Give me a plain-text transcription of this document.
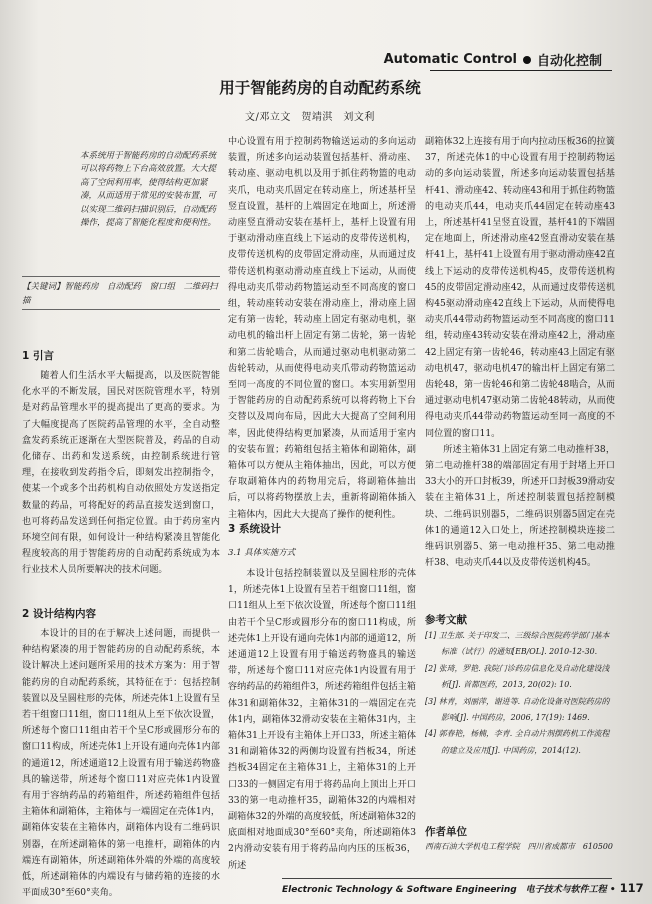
Automatic Control 自动化控制
用于智能药房的自动配药系统
文/邓立文　贺靖淇　刘文利
本系统用于智能药房的自动配药系统可以将药物上下台高效放置。大大提高了空间利用率，使得结构更加紧凑，从而适用于常见的安装布置，可以实现二维码扫描识别后，自动配药操作，提高了智能化程度和便利性。
【关键词】智能药房　自动配药　窗口组　二维码扫描
1 引言

随着人们生活水平大幅提高，以及医院智能化水平的不断发展，国民对医院管理水平，特别是对药品管理水平的提高提出了更高的要求。为了大幅度提高了医院药品管理的水平，全自动整盒发药系统正逐渐在大型医院普及，药品的自动化储存、出药和发送系统，由控制系统进行管理，在接收到发药指令后，即刻发出控制指令，使某一个或多个出药机构自动依照处方发送指定数量的药品，可将配好的药品直接发送到窗口，也可将药品发送到任何指定位置。由于药房室内环境空间有限，如何设计一种结构紧凑且智能化程度较高的用于智能药房的自动配药系统成为本行业技术人员所要解决的技术问题。

2 设计结构内容

本设计的目的在于解决上述问题，而提供一种结构紧凑的用于智能药房的自动配药系统，本设计解决上述问题所采用的技术方案为：用于智能药房的自动配药系统，其特征在于：包括控制装置以及呈圆柱形的壳体，所述壳体1上设置有呈若干组窗口11组，窗口11组从上至下依次设置，所述每个窗口11组由若干个呈C形或圆形分布的窗口11构成，所述壳体1上开设有通向壳体1内部的通道12，所述通道12上设置有用于输送药物盛具的输送带，所述每个窗口11对应壳体1内设置有用于容纳药品的药箱组件，所述药箱组件包括主箱体和副箱体，主箱体与一端固定在壳体1内，副箱体安装在主箱体内，副箱体内设有二维码识别器，在所述副箱体的第一电推杆，副箱体的内端连有副箱体，所述副箱体外端的外端的高度较低，所述副箱体的内端设有与储药箱的连接的水平面成30°至60°夹角。

中心设置有用于控制药物输送运动的多向运动装置，所述多向运动装置包括基杆、滑动座、转动座、驱动电机以及用于抓住药物篮的电动夹爪，电动夹爪固定在转动座上，所述基杆呈竖直设置，基杆的上端固定在地面上，所述滑动座竖直滑动安装在基杆上，基杆上设置有用于驱动滑动座直线上下运动的皮带传送机构，皮带传送机构的皮带固定滑动座，从而通过皮带传送机构驱动滑动座直线上下运动，从而使得电动夹爪带动药物篮运动至不同高度的窗口组，转动座转动安装在滑动座上，滑动座上固定有第一齿轮，转动座上固定有驱动电机，驱动电机的输出杆上固定有第二齿轮，第一齿轮和第二齿轮啮合，从而通过驱动电机驱动第二齿轮转动，从而使得电动夹爪带动药物篮运动至同一高度的不同位置的窗口。本实用新型用于智能药房的自动配药系统可以将药物上下台交替以及周向布局，因此大大提高了空间利用率，因此使得结构更加紧凑，从而适用于室内的安装布置；药箱组包括主箱体和副箱体，副箱体可以方便从主箱体抽出，因此，可以方便存取副箱体内的药物用完后，将副箱体抽出后，可以将药物摆放上去，重新将副箱体插入主箱体内，因此大大提高了操作的便利性。

3 系统设计
3.1 具体实施方式

本设计包括控制装置以及呈圆柱形的壳体1，所述壳体1上设置有呈若干组窗口11组，窗口11组从上至下依次设置，所述每个窗口11组由若干个呈C形或圆形分布的窗口11构成，所述壳体1上开设有通向壳体1内部的通道12，所述通道12上设置有用于输送药物盛具的输送带，所述每个窗口11对应壳体1内设置有用于容纳药品的药箱组件3，所述药箱组件包括主箱体31和副箱体32，主箱体31的一端固定在壳体1内，副箱体32滑动安装在主箱体31内，主箱体31上开设有主箱体上开口33，所述主箱体31和副箱体32的两侧均设置有挡板34，所述挡板34固定在主箱体31上，主箱体31的上开口33的一侧固定有用于将药品向上顶出上开口33的第一电动推杆35，副箱体32的内端相对副箱体32的外端的高度较低，所述副箱体32的底面相对地面成30°至60°夹角，所述副箱体32内滑动安装有用于将药品向内压的压板36，所述

副箱体32上连接有用于向内拉动压板36的拉簧37，所述壳体1的中心设置有用于控制药物运动的多向运动装置，所述多向运动装置包括基杆41、滑动座42、转动座43和用于抓住药物篮的电动夹爪44，电动夹爪44固定在转动座43上，所述基杆41呈竖直设置，基杆41的下端固定在地面上，所述滑动座42竖直滑动安装在基杆41上，基杆41上设置有用于驱动滑动座42直线上下运动的皮带传送机构45，皮带传送机构45的皮带固定滑动座42，从而通过皮带传送机构45驱动滑动座42直线上下运动，从而使得电动夹爪44带动药物篮运动至不同高度的窗口11组，转动座43转动安装在滑动座42上，滑动座42上固定有第一齿轮46，转动座43上固定有驱动电机47，驱动电机47的输出杆上固定有第二齿轮48，第一齿轮46和第二齿轮48啮合，从而通过驱动电机47驱动第二齿轮48转动，从而使得电动夹爪44带动药物篮运动至同一高度的不同位置的窗口11。

所述主箱体31上固定有第二电动推杆38，第二电动推杆38的端部固定有用于封堵上开口33大小的开口封板39，所述开口封板39滑动安装在主箱体31上，所述控制装置包括控制模块、二维码识别器5，二维码识别器5固定在壳体1的通道12入口处上，所述控制模块连接二维码识别器5、第一电动推杆35、第二电动推杆38、电动夹爪44以及皮带传送机构45。

参考文献
[1] 卫生部. 关于印发二、三级综合医院药学部门基本标准（试行）的通知[EB/OL]. 2010-12-30.
[2] 张琦，罗艳. 我院门诊药房信息化及自动化建设浅析[J]. 首都医药，2013, 20(02): 10.
[3] 林青，刘丽萍，谢进等. 自动化设备对医院药房的影响[J]. 中国药房，2006, 17(19): 1469.
[4] 郭春艳，杨楠，李青. 全自动片剂摆药机工作流程的建立及应用[J]. 中国药房，2014(12).
作者单位
西南石油大学机电工程学院　四川省成都市　610500
Electronic Technology & Software Engineering　电子技术与软件工程 • 117
